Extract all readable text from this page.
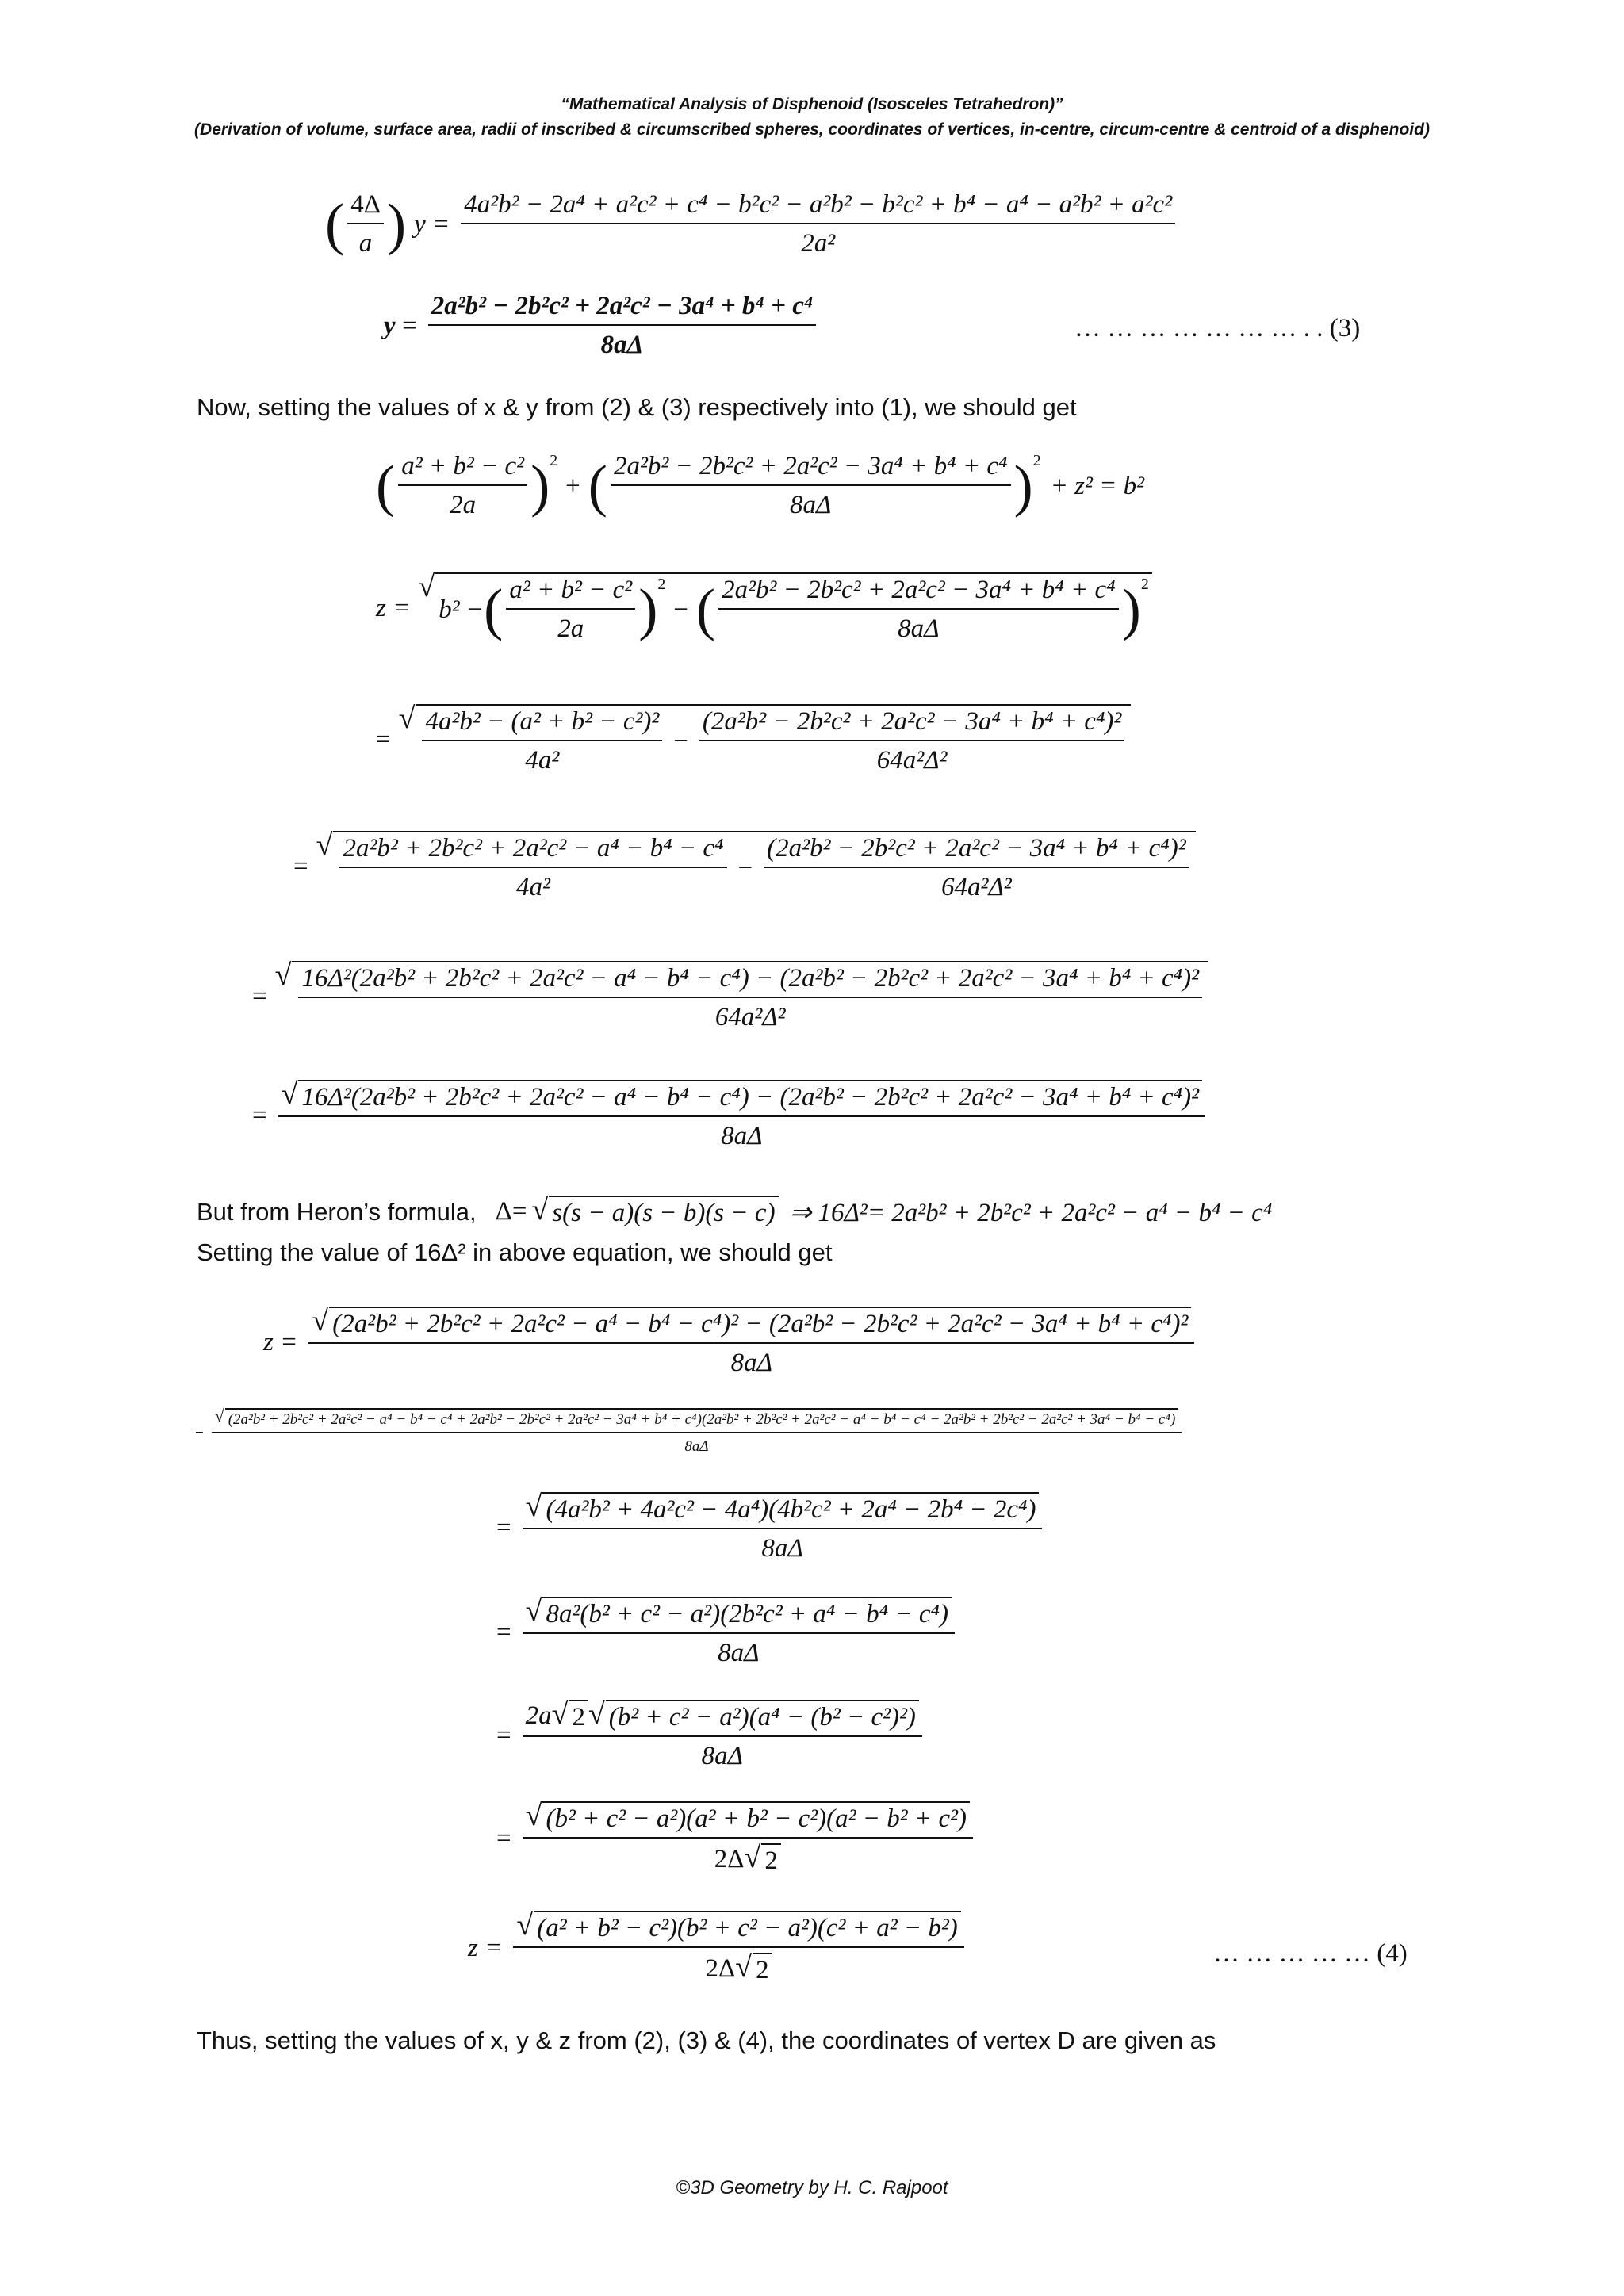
“Mathematical Analysis of Disphenoid (Isosceles Tetrahedron)”
(Derivation of volume, surface area, radii of inscribed & circumscribed spheres, coordinates of vertices, in-centre, circum-centre & centroid of a disphenoid)
( $\frac{4\Delta}{a}$ ) y =
4a²b² − 2a⁴ + a²c² + c⁴ − b²c² − a²b² − b²c² + b⁴ − a⁴ − a²b² + a²c²
2a²
$y = \frac{\text{2a²b² − 2b²c² + 2a²c² − 3a⁴ + b⁴ + c⁴}}{8a\Delta}$	… … … … … … … . . (3)
Now, setting the values of x & y from (2) & (3) respectively into (1), we should get
( $\frac{\text{a² + b² − c²}}{2a} )^2$
+ ( $\frac{\text{2a²b² − 2b²c² + 2a²c² − 3a⁴ + b⁴ + c⁴}}{8a\Delta} )^2$
+ z² = b²
z =
√
b² − ( $\frac{\text{a² + b² − c²}}{2a} )^2$
− ( $\frac{\text{2a²b² − 2b²c² + 2a²c² − 3a⁴ + b⁴ + c⁴}}{8a\Delta} )^2$
=
√ $\frac{\text{4a²b² − (a² + b² − c²)²}}{\text{4a²}} - \frac{\text{(2a²b² − 2b²c² + 2a²c² − 3a⁴ + b⁴ + c⁴)²}}{\text{64a²Δ²}}$
=
√ $\frac{\text{2a²b² + 2b²c² + 2a²c² − a⁴ − b⁴ − c⁴}}{\text{4a²}} - \frac{\text{(2a²b² − 2b²c² + 2a²c² − 3a⁴ + b⁴ + c⁴)²}}{\text{64a²Δ²}}$
=
√ 16Δ²(2a²b² + 2b²c² + 2a²c² − a⁴ − b⁴ − c⁴) − (2a²b² − 2b²c² + 2a²c² − 3a⁴ + b⁴ + c⁴)²
64a²Δ²
=
√ 16Δ²(2a²b² + 2b²c² + 2a²c² − a⁴ − b⁴ − c⁴) − (2a²b² − 2b²c² + 2a²c² − 3a⁴ + b⁴ + c⁴)²
8aΔ
But from Heron’s formula, Δ= √ s(s − a)(s − b)(s − c) ⇒ 16Δ²= 2a²b² + 2b²c² + 2a²c² − a⁴ − b⁴ − c⁴
Setting the value of 16Δ² in above equation, we should get
z =
√ (2a²b² + 2b²c² + 2a²c² − a⁴ − b⁴ − c⁴)² − (2a²b² − 2b²c² + 2a²c² − 3a⁴ + b⁴ + c⁴)²
8aΔ
=
√ (2a²b² + 2b²c² + 2a²c² − a⁴ − b⁴ − c⁴ + 2a²b² − 2b²c² + 2a²c² − 3a⁴ + b⁴ + c⁴)(2a²b² + 2b²c² + 2a²c² − a⁴ − b⁴ − c⁴ − 2a²b² + 2b²c² − 2a²c² + 3a⁴ − b⁴ − c⁴)
8aΔ
= $\frac{\text{√ (4a²b² + 4a²c² − 4a⁴)(4b²c² + 2a⁴ − 2b⁴ − 2c⁴)}}{8a\Delta}$
= $\frac{\text{√ 8a²(b² + c² − a²)(2b²c² + a⁴ − b⁴ − c⁴)}}{8a\Delta}$
= $\frac{\text{2a √ 2 √ (b² + c² − a²)(a⁴ − (b² − c²)²)}}{8a\Delta}$
= $\frac{\text{√ (b² + c² − a²)(a² + b² − c²)(a² − b² + c²)}}{2\Delta √ 2}$
$z = \frac{\text{√ (a² + b² − c²)(b² + c² − a²)(c² + a² − b²)}}{2\Delta √ 2}$	… … … … … (4)
Thus, setting the values of x, y & z from (2), (3) & (4), the coordinates of vertex D are given as
©3D Geometry by H. C. Rajpoot
